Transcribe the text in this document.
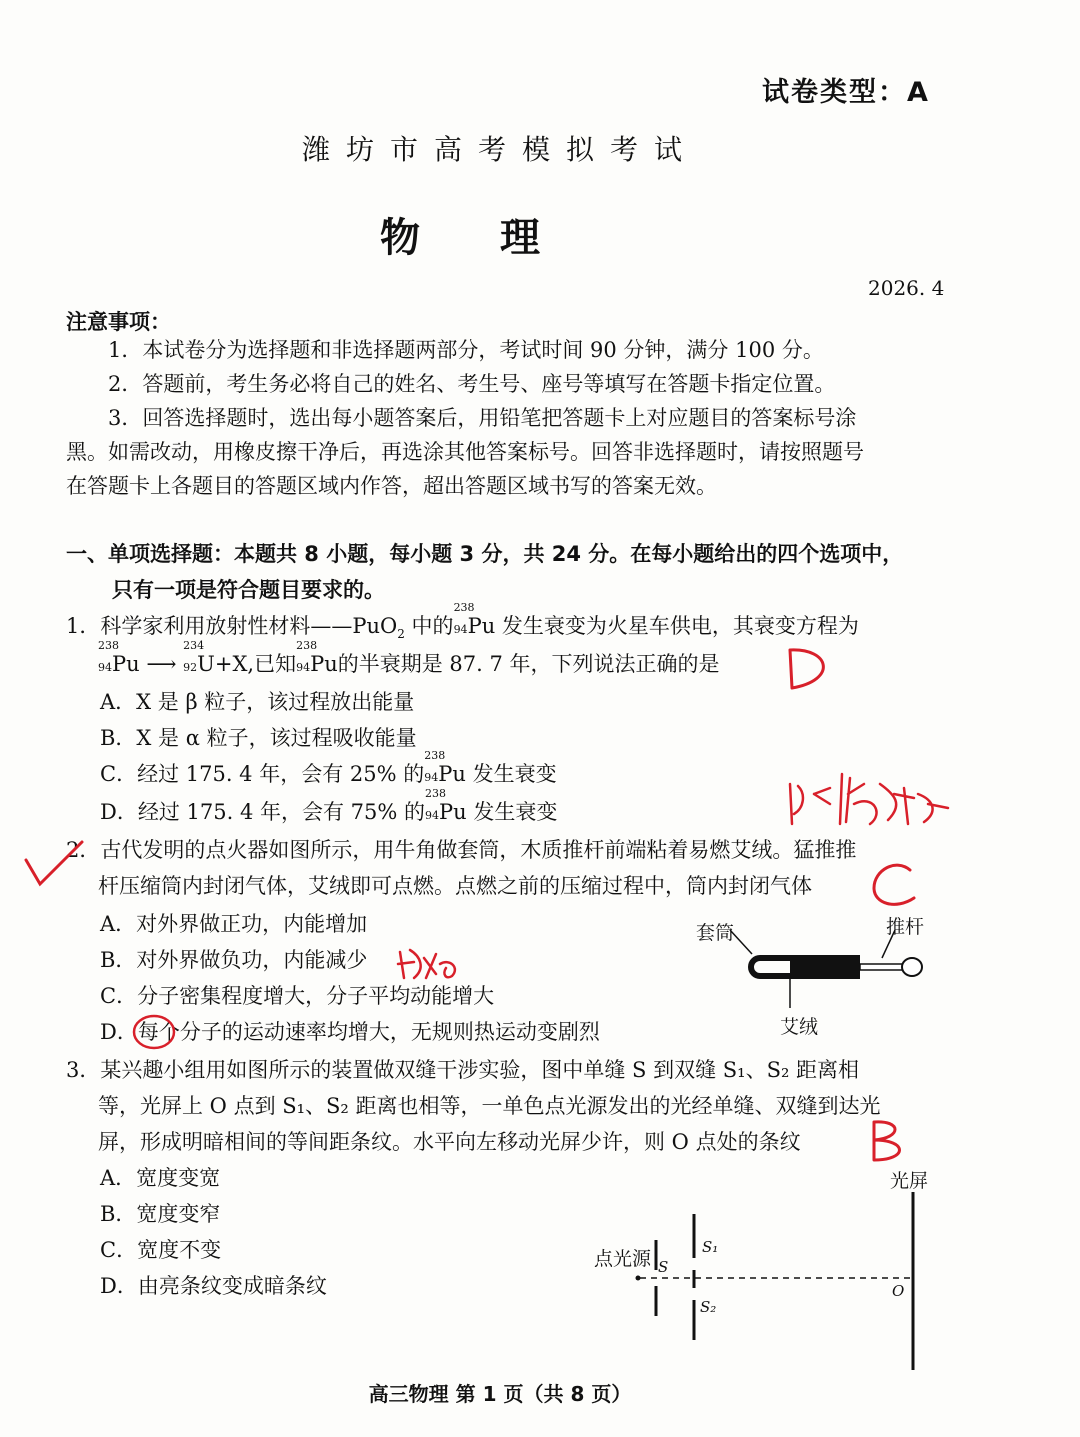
试卷类型：A
潍坊市高考模拟考试
物理
2026. 4
注意事项：
1．本试卷分为选择题和非选择题两部分，考试时间 90 分钟，满分 100 分。
2．答题前，考生务必将自己的姓名、考生号、座号等填写在答题卡指定位置。
3．回答选择题时，选出每小题答案后，用铅笔把答题卡上对应题目的答案标号涂
黑。如需改动，用橡皮擦干净后，再选涂其他答案标号。回答非选择题时，请按照题号
在答题卡上各题目的答题区域内作答，超出答题区域书写的答案无效。
一、单项选择题：本题共 8 小题，每小题 3 分，共 24 分。在每小题给出的四个选项中，
只有一项是符合题目要求的。
1．科学家利用放射性材料——PuO$_2$ 中的
238
94 Pu 发生衰变为火星车供电，其衰变方程为
238
94 Pu ⟶
234
92 U+X,已知
238
94 Pu的半衰期是 87. 7 年，下列说法正确的是
A．X 是 β 粒子，该过程放出能量
B．X 是 α 粒子，该过程吸收能量
C．经过 175. 4 年，会有 25% 的
238
94 Pu 发生衰变
D．经过 175. 4 年，会有 75% 的
238
94 Pu 发生衰变
2．古代发明的点火器如图所示，用牛角做套筒，木质推杆前端粘着易燃艾绒。猛推推
杆压缩筒内封闭气体，艾绒即可点燃。点燃之前的压缩过程中，筒内封闭气体
A．对外界做正功，内能增加
B．对外界做负功，内能减少
C．分子密集程度增大，分子平均动能增大
D．每个分子的运动速率均增大，无规则热运动变剧烈
套筒	推杆
艾绒
3．某兴趣小组用如图所示的装置做双缝干涉实验，图中单缝 S 到双缝 S₁、S₂ 距离相
等，光屏上 O 点到 S₁、S₂ 距离也相等，一单色点光源发出的光经单缝、双缝到达光
屏，形成明暗相间的等间距条纹。水平向左移动光屏少许，则 O 点处的条纹
A．宽度变宽
B．宽度变窄
C．宽度不变
D．由亮条纹变成暗条纹
光屏
点光源 S
S₁
S₂
O
高三物理 第 1 页（共 8 页）
